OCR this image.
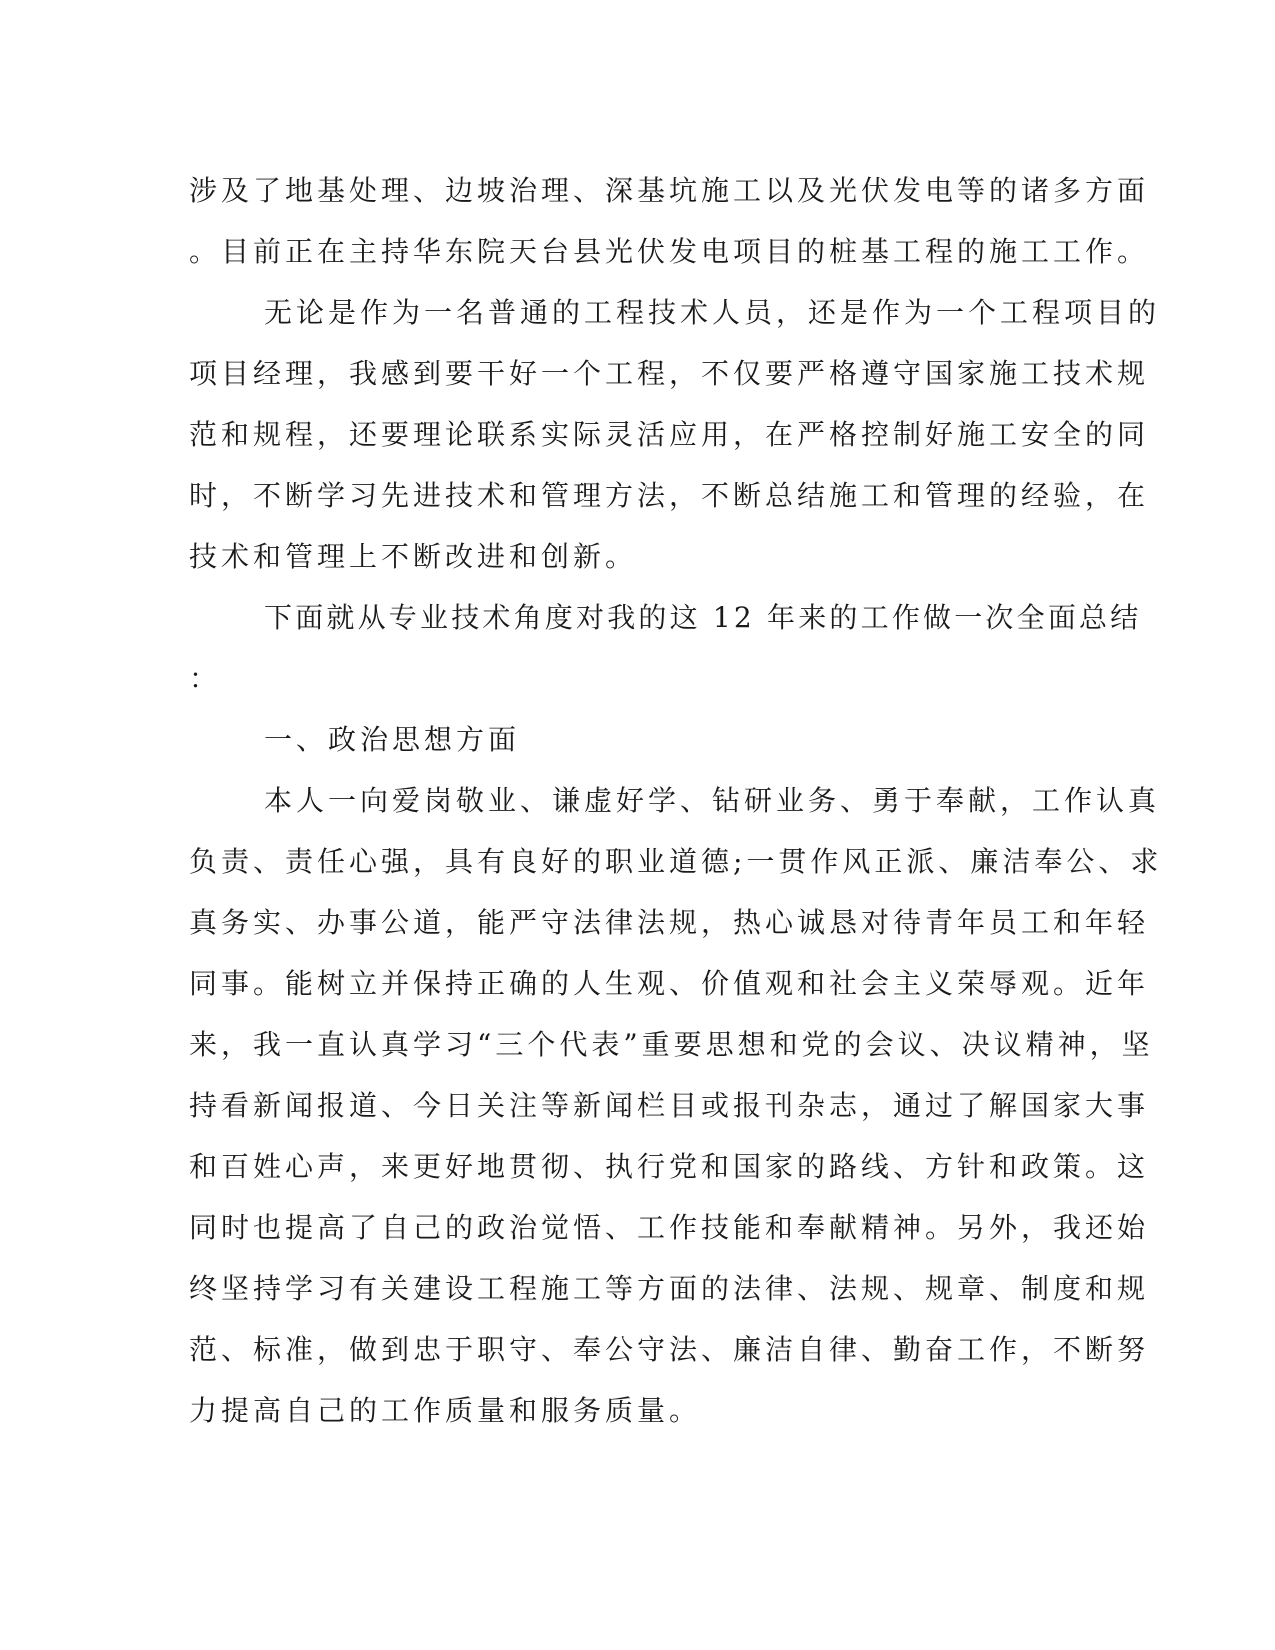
涉及了地基处理、边坡治理、深基坑施工以及光伏发电等的诸多方面
。目前正在主持华东院天台县光伏发电项目的桩基工程的施工工作。
无论是作为一名普通的工程技术人员，还是作为一个工程项目的
项目经理，我感到要干好一个工程，不仅要严格遵守国家施工技术规
范和规程，还要理论联系实际灵活应用，在严格控制好施工安全的同
时，不断学习先进技术和管理方法，不断总结施工和管理的经验，在
技术和管理上不断改进和创新。
下面就从专业技术角度对我的这 12 年来的工作做一次全面总结
：
一、政治思想方面
本人一向爱岗敬业、谦虚好学、钻研业务、勇于奉献，工作认真
负责、责任心强，具有良好的职业道德;一贯作风正派、廉洁奉公、求
真务实、办事公道，能严守法律法规，热心诚恳对待青年员工和年轻
同事。能树立并保持正确的人生观、价值观和社会主义荣辱观。近年
来，我一直认真学习“三个代表”重要思想和党的会议、决议精神，坚
持看新闻报道、今日关注等新闻栏目或报刊杂志，通过了解国家大事
和百姓心声，来更好地贯彻、执行党和国家的路线、方针和政策。这
同时也提高了自己的政治觉悟、工作技能和奉献精神。另外，我还始
终坚持学习有关建设工程施工等方面的法律、法规、规章、制度和规
范、标准，做到忠于职守、奉公守法、廉洁自律、勤奋工作，不断努
力提高自己的工作质量和服务质量。
